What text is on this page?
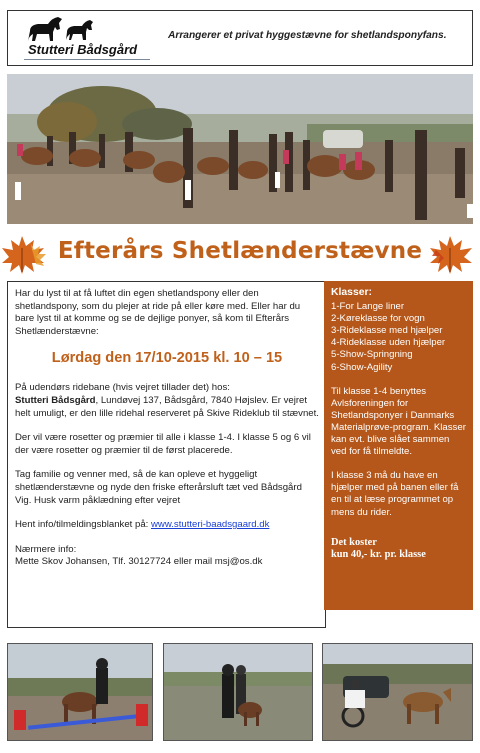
Stutteri Bådsgård
Arrangerer et privat hyggestævne for shetlandsponyfans.
Efterårs Shetlænderstævne

Har du lyst til at få luftet din egen shetlandspony eller den shetlandspony, som du plejer at ride på eller køre med. Eller har du bare lyst til at komme og se de dejlige ponyer, så kom til Efterårs Shetlænderstævne:

Lørdag den 17/10-2015 kl. 10 – 15

På udendørs ridebane (hvis vejret tillader det) hos:
Stutteri Bådsgård, Lundøvej 137, Bådsgård, 7840 Højslev. Er vejret helt umuligt, er den lille ridehal reserveret på Skive Rideklub til stævnet.

Der vil være rosetter og præmier til alle i klasse 1-4. I klasse 5 og 6 vil der være rosetter og præmier til de først placerede.

Tag familie og venner med, så de kan opleve et hyggeligt shetlænderstævne og nyde den friske efterårsluft tæt ved Bådsgård Vig. Husk varm påklædning efter vejret

Hent info/tilmeldingsblanket på: www.stutteri-baadsgaard.dk

Nærmere info:
Mette Skov Johansen, Tlf. 30127724 eller mail msj@os.dk
Klasser:
1-For Lange liner
2-Køreklasse for vogn
3-Rideklasse med hjælper
4-Rideklasse uden hjælper
5-Show-Springning
6-Show-Agility
Til klasse 1-4 benyttes Avlsforeningen for Shetlandsponyer i Danmarks Materialprøve-program. Klasser kan evt. blive slået sammen ved for få tilmeldte.
I klasse 3 må du have en hjælper med på banen eller få en til at læse programmet op mens du rider.
Det koster
kun 40,- kr. pr. klasse
